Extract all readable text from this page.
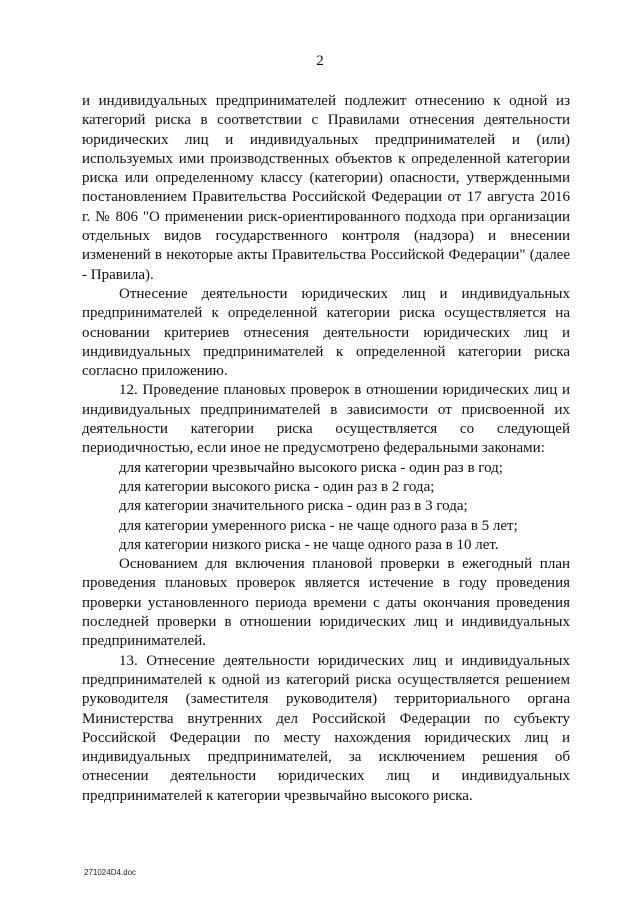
2

и индивидуальных предпринимателей подлежит отнесению к одной из категорий риска в соответствии с Правилами отнесения деятельности юридических лиц и индивидуальных предпринимателей и (или) используемых ими производственных объектов к определенной категории риска или определенному классу (категории) опасности, утвержденными постановлением Правительства Российской Федерации от 17 августа 2016 г. № 806 "О применении риск-ориентированного подхода при организации отдельных видов государственного контроля (надзора) и внесении изменений в некоторые акты Правительства Российской Федерации" (далее - Правила).

Отнесение деятельности юридических лиц и индивидуальных предпринимателей к определенной категории риска осуществляется на основании критериев отнесения деятельности юридических лиц и индивидуальных предпринимателей к определенной категории риска согласно приложению.

12. Проведение плановых проверок в отношении юридических лиц и индивидуальных предпринимателей в зависимости от присвоенной их деятельности категории риска осуществляется со следующей периодичностью, если иное не предусмотрено федеральными законами:

для категории чрезвычайно высокого риска - один раз в год;

для категории высокого риска - один раз в 2 года;

для категории значительного риска - один раз в 3 года;

для категории умеренного риска - не чаще одного раза в 5 лет;

для категории низкого риска - не чаще одного раза в 10 лет.

Основанием для включения плановой проверки в ежегодный план проведения плановых проверок является истечение в году проведения проверки установленного периода времени с даты окончания проведения последней проверки в отношении юридических лиц и индивидуальных предпринимателей.

13. Отнесение деятельности юридических лиц и индивидуальных предпринимателей к одной из категорий риска осуществляется решением руководителя (заместителя руководителя) территориального органа Министерства внутренних дел Российской Федерации по субъекту Российской Федерации по месту нахождения юридических лиц и индивидуальных предпринимателей, за исключением решения об отнесении деятельности юридических лиц и индивидуальных предпринимателей к категории чрезвычайно высокого риска.

271024D4.doc
